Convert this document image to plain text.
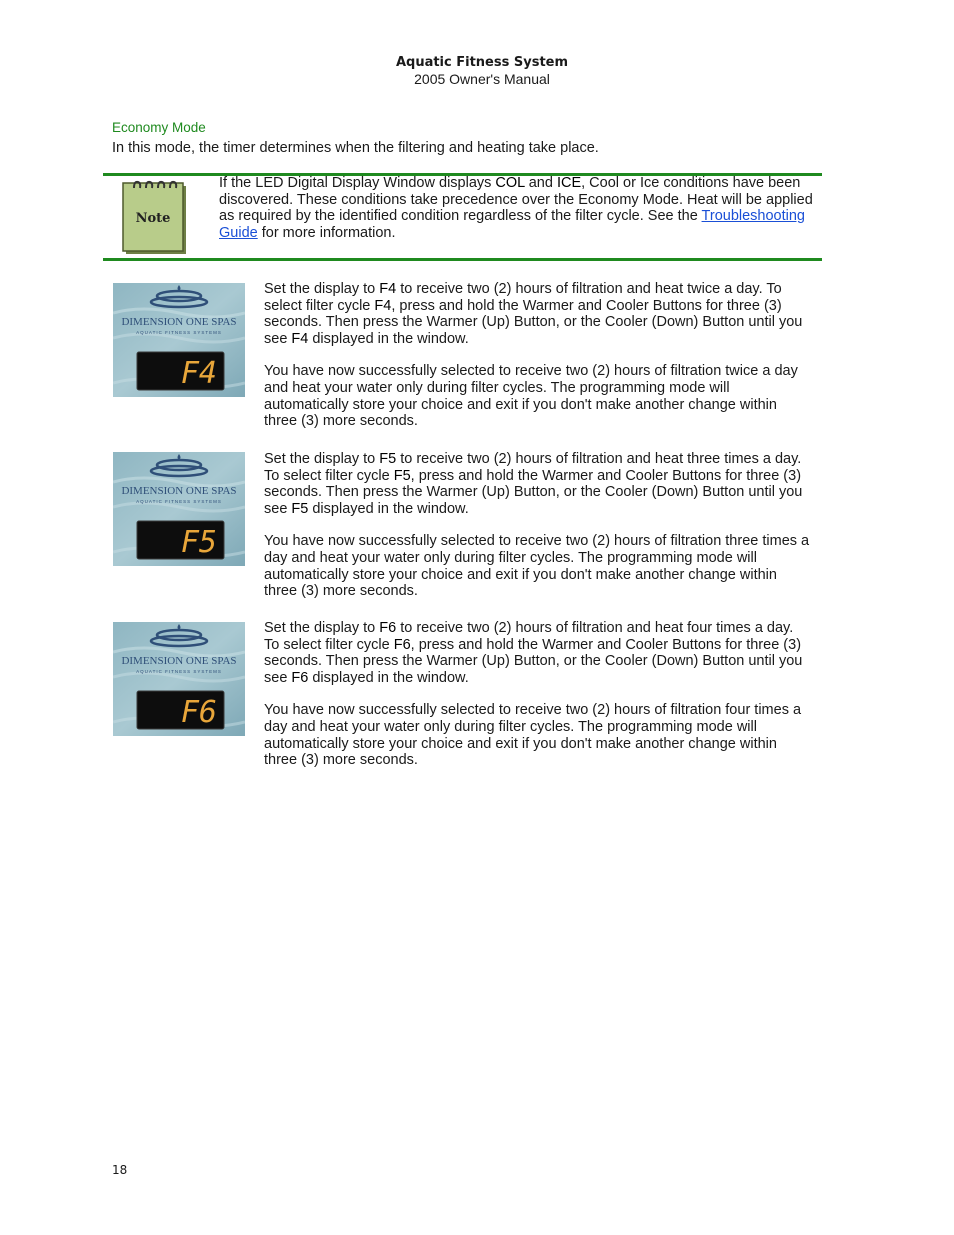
Aquatic Fitness System
2005 Owner's Manual
Economy Mode
In this mode, the timer determines when the filtering and heating take place.
Note
If the LED Digital Display Window displays COL and ICE, Cool or Ice conditions have been discovered. These conditions take precedence over the Economy Mode. Heat will be applied as required by the identified condition regardless of the filter cycle. See the Troubleshooting Guide for more information.
DIMENSION ONE SPAS
AQUATIC FITNESS SYSTEMS
F4

Set the display to F4 to receive two (2) hours of filtration and heat twice a day. To select filter cycle F4, press and hold the Warmer and Cooler Buttons for three (3) seconds. Then press the Warmer (Up) Button, or the Cooler (Down) Button until you see F4 displayed in the window.

You have now successfully selected to receive two (2) hours of filtration twice a day and heat your water only during filter cycles. The programming mode will automatically store your choice and exit if you don't make another change within three (3) more seconds.

DIMENSION ONE SPAS
AQUATIC FITNESS SYSTEMS
F5

Set the display to F5 to receive two (2) hours of filtration and heat three times a day. To select filter cycle F5, press and hold the Warmer and Cooler Buttons for three (3) seconds. Then press the Warmer (Up) Button, or the Cooler (Down) Button until you see F5 displayed in the window.

You have now successfully selected to receive two (2) hours of filtration three times a day and heat your water only during filter cycles. The programming mode will automatically store your choice and exit if you don't make another change within three (3) more seconds.

DIMENSION ONE SPAS
AQUATIC FITNESS SYSTEMS
F6

Set the display to F6 to receive two (2) hours of filtration and heat four times a day. To select filter cycle F6, press and hold the Warmer and Cooler Buttons for three (3) seconds. Then press the Warmer (Up) Button, or the Cooler (Down) Button until you see F6 displayed in the window.

You have now successfully selected to receive two (2) hours of filtration four times a day and heat your water only during filter cycles. The programming mode will automatically store your choice and exit if you don't make another change within three (3) more seconds.

18
